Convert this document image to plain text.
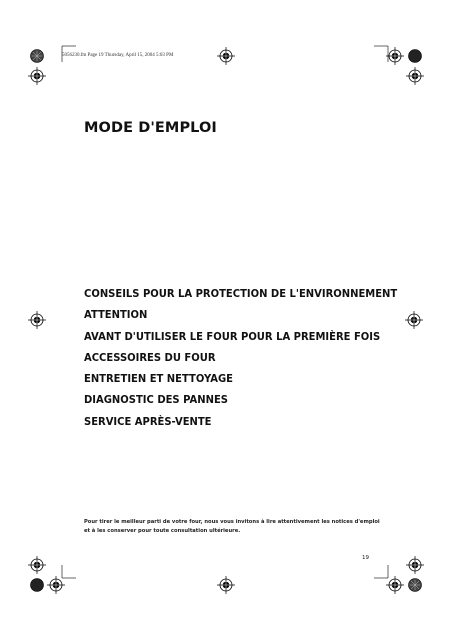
5056230.fm Page 19 Thursday, April 15, 2004 5:03 PM
MODE D'EMPLOI
CONSEILS POUR LA PROTECTION DE L'ENVIRONNEMENT
ATTENTION
AVANT D'UTILISER LE FOUR POUR LA PREMIÈRE FOIS
ACCESSOIRES DU FOUR
ENTRETIEN ET NETTOYAGE
DIAGNOSTIC DES PANNES
SERVICE APRÈS-VENTE

Pour tirer le meilleur parti de votre four, nous vous invitons à lire attentivement les notices d'emploi et à les conserver pour toute consultation ultérieure.

19
